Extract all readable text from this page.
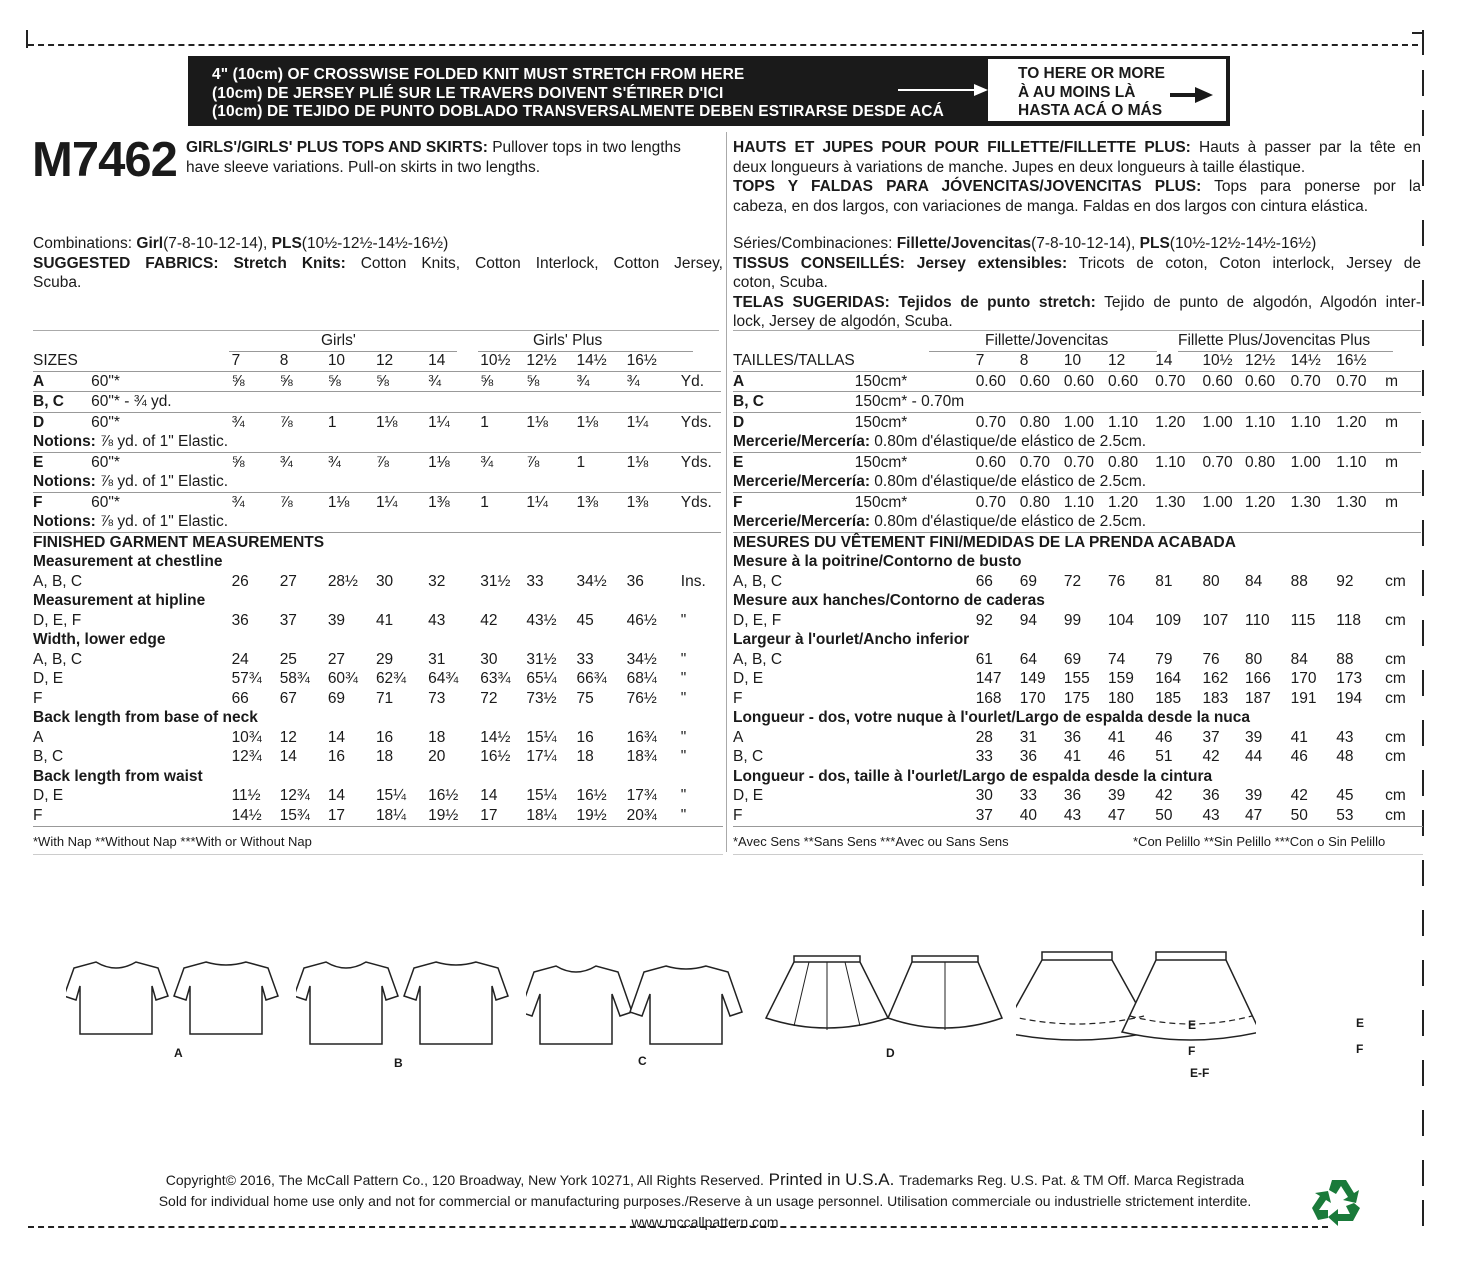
4" (10cm) OF CROSSWISE FOLDED KNIT MUST STRETCH FROM HERE
(10cm) DE JERSEY PLIÉ SUR LE TRAVERS DOIVENT S'ÉTIRER D'ICI
(10cm) DE TEJIDO DE PUNTO DOBLADO TRANSVERSALMENTE DEBEN ESTIRARSE DESDE ACÁ
TO HERE OR MORE
À AU MOINS LÀ
HASTA ACÁ O MÁS
M7462 GIRLS'/GIRLS' PLUS TOPS AND SKIRTS: Pullover tops in two lengths
have sleeve variations. Pull-on skirts in two lengths.
Combinations: Girl(7-8-10-12-14), PLS(10½-12½-14½-16½)
SUGGESTED FABRICS: Stretch Knits: Cotton Knits, Cotton Interlock, Cotton Jersey,
Scuba.
HAUTS ET JUPES POUR POUR FILLETTE/FILLETTE PLUS: Hauts à passer par la tête en
deux longueurs à variations de manche. Jupes en deux longueurs à taille élastique.
TOPS Y FALDAS PARA JÓVENCITAS/JOVENCITAS PLUS: Tops para ponerse por la
cabeza, en dos largos, con variaciones de manga. Faldas en dos largos con cintura elástica.
Séries/Combinaciones: Fillette/Jovencitas(7-8-10-12-14), PLS(10½-12½-14½-16½)
TISSUS CONSEILLÉS: Jersey extensibles: Tricots de coton, Coton interlock, Jersey de
coton, Scuba.
TELAS SUGERIDAS: Tejidos de punto stretch: Tejido de punto de algodón, Algodón inter-
lock, Jersey de algodón, Scuba.
Girls'	Girls' Plus
SIZES		7	8	10	12	14	10½	12½	14½	16½	
A	60"*	⅝	⅝	⅝	⅝	¾	⅝	⅝	¾	¾	Yd.
B, C	60"* - ¾ yd.										
D	60"*	¾	⅞	1	1⅛	1¼	1	1⅛	1⅛	1¼	Yds.
Notions: ⅞ yd. of 1" Elastic.											
E	60"*	⅝	¾	¾	⅞	1⅛	¾	⅞	1	1⅛	Yds.
Notions: ⅞ yd. of 1" Elastic.											
F	60"*	¾	⅞	1⅛	1¼	1⅜	1	1¼	1⅜	1⅜	Yds.
Notions: ⅞ yd. of 1" Elastic.											
FINISHED GARMENT MEASUREMENTS											
Measurement at chestline											
A, B, C		26	27	28½	30	32	31½	33	34½	36	Ins.
Measurement at hipline											
D, E, F		36	37	39	41	43	42	43½	45	46½	"
Width, lower edge											
A, B, C		24	25	27	29	31	30	31½	33	34½	"
D, E		57¾	58¾	60¾	62¾	64¾	63¾	65¼	66¾	68¼	"
F		66	67	69	71	73	72	73½	75	76½	"
Back length from base of neck											
A		10¾	12	14	16	18	14½	15¼	16	16¾	"
B, C		12¾	14	16	18	20	16½	17¼	18	18¾	"
Back length from waist											
D, E		11½	12¾	14	15¼	16½	14	15¼	16½	17¾	"
F		14½	15¾	17	18¼	19½	17	18¼	19½	20¾	"
*With Nap **Without Nap ***With or Without Nap
Fillette/Jovencitas	Fillette Plus/Jovencitas Plus
TAILLES/TALLAS		7	8	10	12	14	10½	12½	14½	16½	
A	150cm*	0.60	0.60	0.60	0.60	0.70	0.60	0.60	0.70	0.70	m
B, C	150cm* - 0.70m										
D	150cm*	0.70	0.80	1.00	1.10	1.20	1.00	1.10	1.10	1.20	m
Mercerie/Mercería: 0.80m d'élastique/de elástico de 2.5cm.											
E	150cm*	0.60	0.70	0.70	0.80	1.10	0.70	0.80	1.00	1.10	m
Mercerie/Mercería: 0.80m d'élastique/de elástico de 2.5cm.											
F	150cm*	0.70	0.80	1.10	1.20	1.30	1.00	1.20	1.30	1.30	m
Mercerie/Mercería: 0.80m d'élastique/de elástico de 2.5cm.											
MESURES DU VÊTEMENT FINI/MEDIDAS DE LA PRENDA ACABADA											
Mesure à la poitrine/Contorno de busto											
A, B, C		66	69	72	76	81	80	84	88	92	cm
Mesure aux hanches/Contorno de caderas											
D, E, F		92	94	99	104	109	107	110	115	118	cm
Largeur à l'ourlet/Ancho inferior											
A, B, C		61	64	69	74	79	76	80	84	88	cm
D, E		147	149	155	159	164	162	166	170	173	cm
F		168	170	175	180	185	183	187	191	194	cm
Longueur - dos, votre nuque à l'ourlet/Largo de espalda desde la nuca											
A		28	31	36	41	46	37	39	41	43	cm
B, C		33	36	41	46	51	42	44	46	48	cm
Longueur - dos, taille à l'ourlet/Largo de espalda desde la cintura											
D, E		30	33	36	39	42	36	39	42	45	cm
F		37	40	43	47	50	43	47	50	53	cm
*Avec Sens **Sans Sens ***Avec ou Sans Sens	*Con Pelillo **Sin Pelillo ***Con o Sin Pelillo
A
B	C
D
E
F
E-F
E
F
Copyright© 2016, The McCall Pattern Co., 120 Broadway, New York 10271, All Rights Reserved. Printed in U.S.A. Trademarks Reg. U.S. Pat. & TM Off. Marca Registrada
Sold for individual home use only and not for commercial or manufacturing purposes./Reserve à un usage personnel. Utilisation commerciale ou industrielle strictement interdite.
www.mccallpattern.com
